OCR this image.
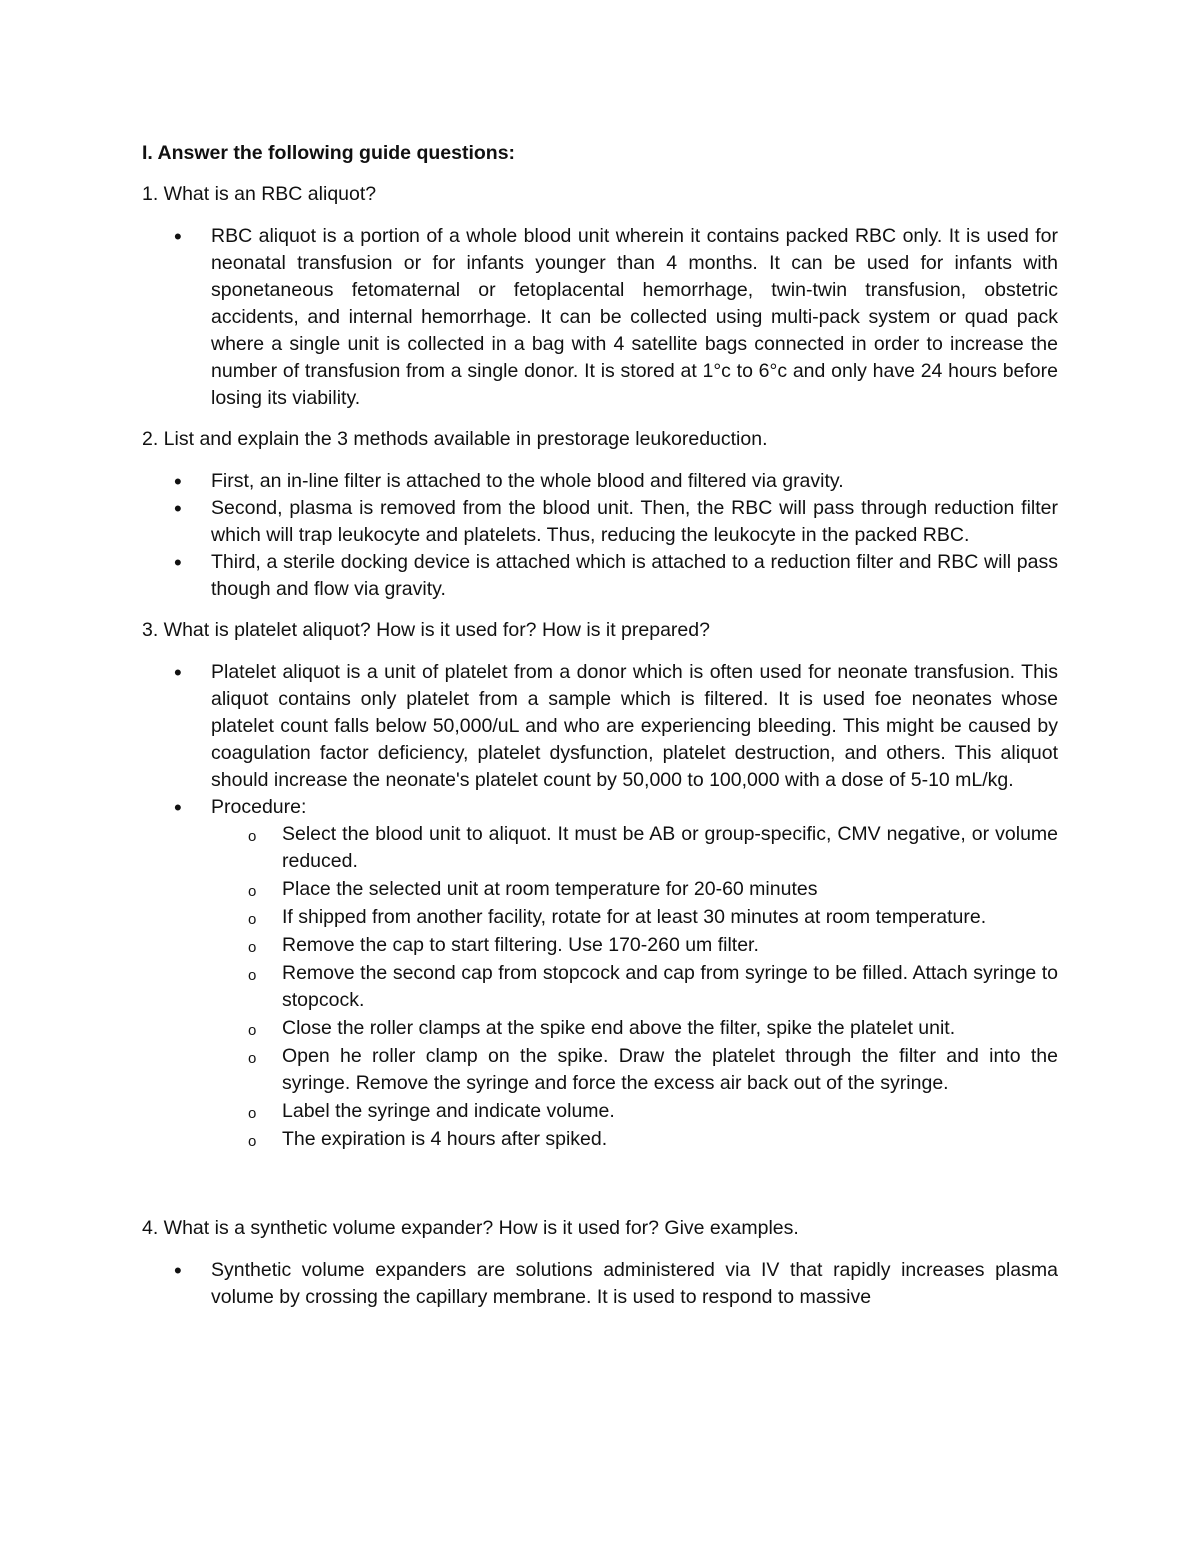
I. Answer the following guide questions:

1. What is an RBC aliquot?

• RBC aliquot is a portion of a whole blood unit wherein it contains packed RBC only. It is used for neonatal transfusion or for infants younger than 4 months. It can be used for infants with sponetaneous fetomaternal or fetoplacental hemorrhage, twin-twin transfusion, obstetric accidents, and internal hemorrhage. It can be collected using multi-pack system or quad pack where a single unit is collected in a bag with 4 satellite bags connected in order to increase the number of transfusion from a single donor. It is stored at 1°c to 6°c and only have 24 hours before losing its viability.

2. List and explain the 3 methods available in prestorage leukoreduction.

• First, an in-line filter is attached to the whole blood and filtered via gravity.
• Second, plasma is removed from the blood unit. Then, the RBC will pass through reduction filter which will trap leukocyte and platelets. Thus, reducing the leukocyte in the packed RBC.
• Third, a sterile docking device is attached which is attached to a reduction filter and RBC will pass though and flow via gravity.

3. What is platelet aliquot? How is it used for? How is it prepared?

• Platelet aliquot is a unit of platelet from a donor which is often used for neonate transfusion. This aliquot contains only platelet from a sample which is filtered. It is used foe neonates whose platelet count falls below 50,000/uL and who are experiencing bleeding. This might be caused by coagulation factor deficiency, platelet dysfunction, platelet destruction, and others. This aliquot should increase the neonate's platelet count by 50,000 to 100,000 with a dose of 5-10 mL/kg.
• Procedure:
o Select the blood unit to aliquot. It must be AB or group-specific, CMV negative, or volume reduced.
o Place the selected unit at room temperature for 20-60 minutes
o If shipped from another facility, rotate for at least 30 minutes at room temperature.
o Remove the cap to start filtering. Use 170-260 um filter.
o Remove the second cap from stopcock and cap from syringe to be filled. Attach syringe to stopcock.
o Close the roller clamps at the spike end above the filter, spike the platelet unit.
o Open he roller clamp on the spike. Draw the platelet through the filter and into the syringe. Remove the syringe and force the excess air back out of the syringe.
o Label the syringe and indicate volume.
o The expiration is 4 hours after spiked.

4. What is a synthetic volume expander? How is it used for? Give examples.

• Synthetic volume expanders are solutions administered via IV that rapidly increases plasma volume by crossing the capillary membrane. It is used to respond to massive
